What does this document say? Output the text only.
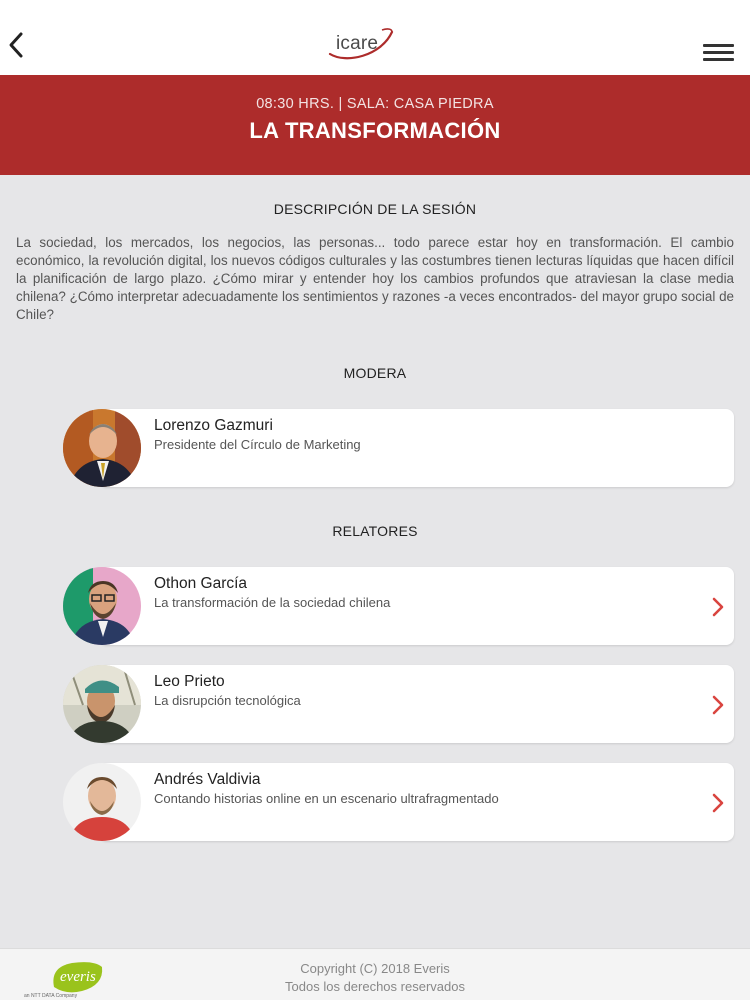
icare
08:30 HRS. | SALA: CASA PIEDRA
LA TRANSFORMACIÓN
DESCRIPCIÓN DE LA SESIÓN
La sociedad, los mercados, los negocios, las personas... todo parece estar hoy en transformación. El cambio económico, la revolución digital, los nuevos códigos culturales y las costumbres tienen lecturas líquidas que hacen difícil la planificación de largo plazo. ¿Cómo mirar y entender hoy los cambios profundos que atraviesan la clase media chilena? ¿Cómo interpretar adecuadamente los sentimientos y razones -a veces encontrados- del mayor grupo social de Chile?
MODERA
Lorenzo Gazmuri
Presidente del Círculo de Marketing
RELATORES
Othon García
La transformación de la sociedad chilena
Leo Prieto
La disrupción tecnológica
Andrés Valdivia
Contando historias online en un escenario ultrafragmentado
everis
an NTT DATA Company
Copyright (C) 2018 Everis
Todos los derechos reservados
